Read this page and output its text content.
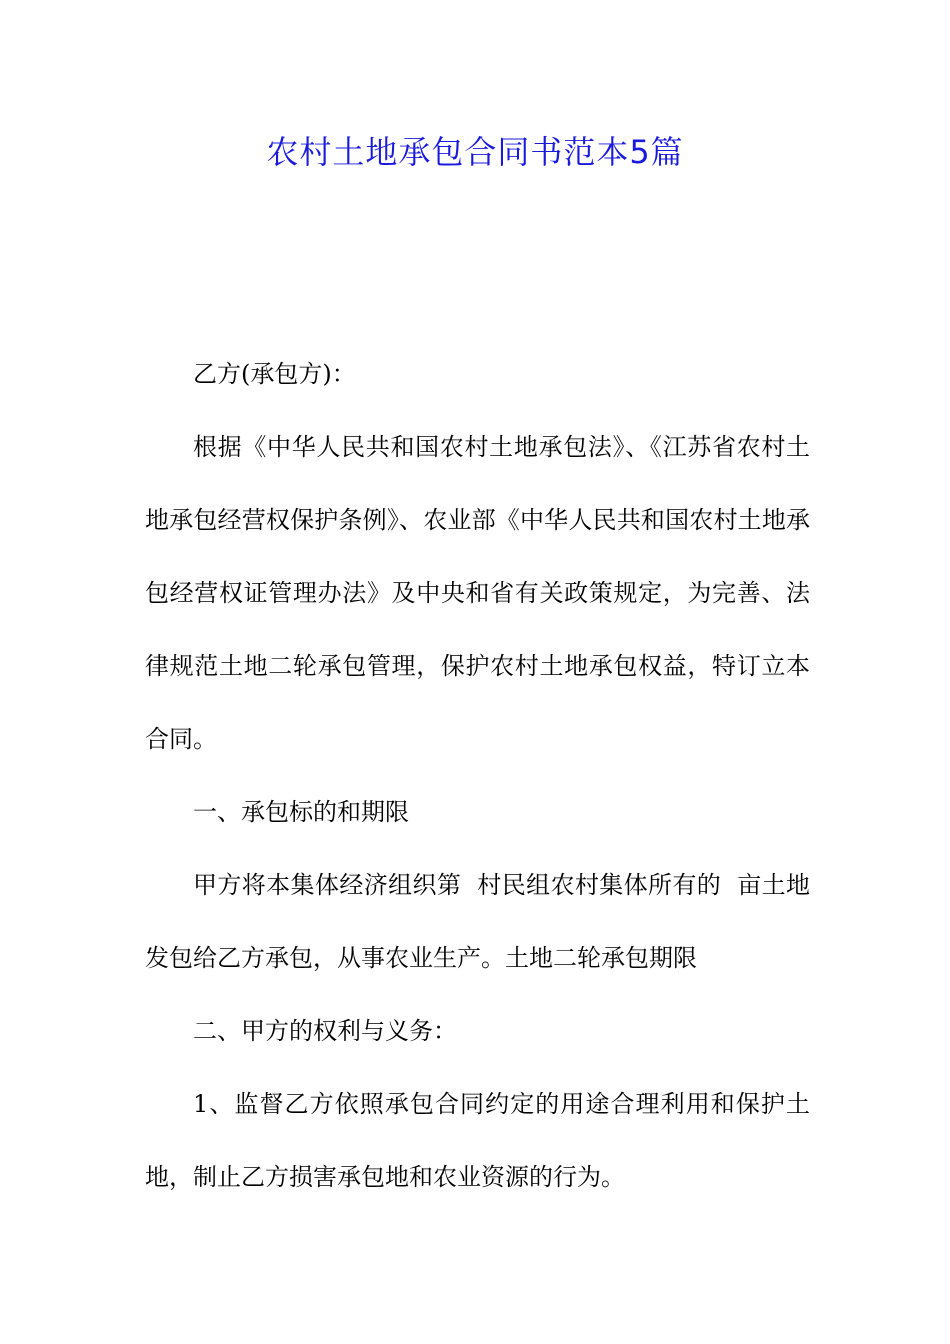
农村土地承包合同书范本5篇

乙方(承包方)：

根据《中华人民共和国农村土地承包法》、《江苏省农村土地承包经营权保护条例》、农业部《中华人民共和国农村土地承包经营权证管理办法》及中央和省有关政策规定，为完善、法律规范土地二轮承包管理，保护农村土地承包权益，特订立本合同。

一、承包标的和期限

甲方将本集体经济组织第  村民组农村集体所有的  亩土地发包给乙方承包，从事农业生产。土地二轮承包期限

二、甲方的权利与义务：

1、监督乙方依照承包合同约定的用途合理利用和保护土地，制止乙方损害承包地和农业资源的行为。
